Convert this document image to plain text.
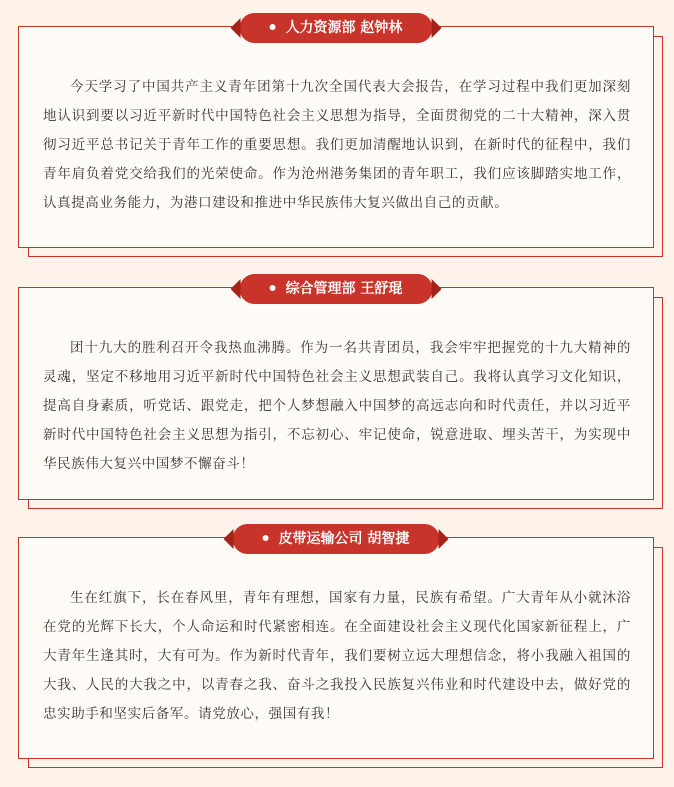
人力资源部 赵钟林

今天学习了中国共产主义青年团第十九次全国代表大会报告，在学习过程中我们更加深刻地认识到要以习近平新时代中国特色社会主义思想为指导，全面贯彻党的二十大精神，深入贯彻习近平总书记关于青年工作的重要思想。我们更加清醒地认识到，在新时代的征程中，我们青年肩负着党交给我们的光荣使命。作为沧州港务集团的青年职工，我们应该脚踏实地工作，认真提高业务能力，为港口建设和推进中华民族伟大复兴做出自己的贡献。

综合管理部 王舒琨

团十九大的胜利召开令我热血沸腾。作为一名共青团员，我会牢牢把握党的十九大精神的灵魂，坚定不移地用习近平新时代中国特色社会主义思想武装自己。我将认真学习文化知识，提高自身素质，听党话、跟党走，把个人梦想融入中国梦的高远志向和时代责任，并以习近平新时代中国特色社会主义思想为指引，不忘初心、牢记使命，锐意进取、埋头苦干，为实现中华民族伟大复兴中国梦不懈奋斗！

皮带运输公司 胡智捷

生在红旗下，长在春风里，青年有理想，国家有力量，民族有希望。广大青年从小就沐浴在党的光辉下长大，个人命运和时代紧密相连。在全面建设社会主义现代化国家新征程上，广大青年生逢其时，大有可为。作为新时代青年，我们要树立远大理想信念，将小我融入祖国的大我、人民的大我之中，以青春之我、奋斗之我投入民族复兴伟业和时代建设中去，做好党的忠实助手和坚实后备军。请党放心，强国有我！
